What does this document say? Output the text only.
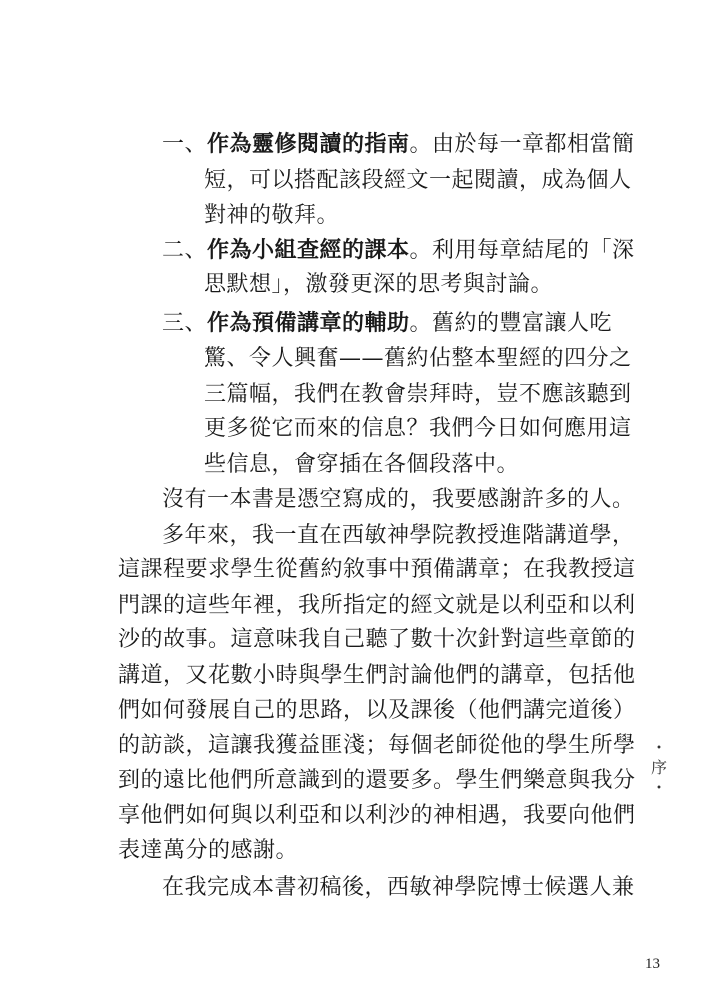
一、作為靈修閱讀的指南。由於每一章都相當簡
短，可以搭配該段經文一起閱讀，成為個人
對神的敬拜。
二、作為小組查經的課本。利用每章結尾的「深
思默想」，激發更深的思考與討論。
三、作為預備講章的輔助。舊約的豐富讓人吃
驚、令人興奮——舊約佔整本聖經的四分之
三篇幅，我們在教會崇拜時，豈不應該聽到
更多從它而來的信息？我們今日如何應用這
些信息，會穿插在各個段落中。
沒有一本書是憑空寫成的，我要感謝許多的人。
多年來，我一直在西敏神學院教授進階講道學，
這課程要求學生從舊約敘事中預備講章；在我教授這
門課的這些年裡，我所指定的經文就是以利亞和以利
沙的故事。這意味我自己聽了數十次針對這些章節的
講道，又花數小時與學生們討論他們的講章，包括他
們如何發展自己的思路，以及課後（他們講完道後）
的訪談，這讓我獲益匪淺；每個老師從他的學生所學
到的遠比他們所意識到的還要多。學生們樂意與我分
享他們如何與以利亞和以利沙的神相遇，我要向他們
表達萬分的感謝。
在我完成本書初稿後，西敏神學院博士候選人兼
・
序
・
13
